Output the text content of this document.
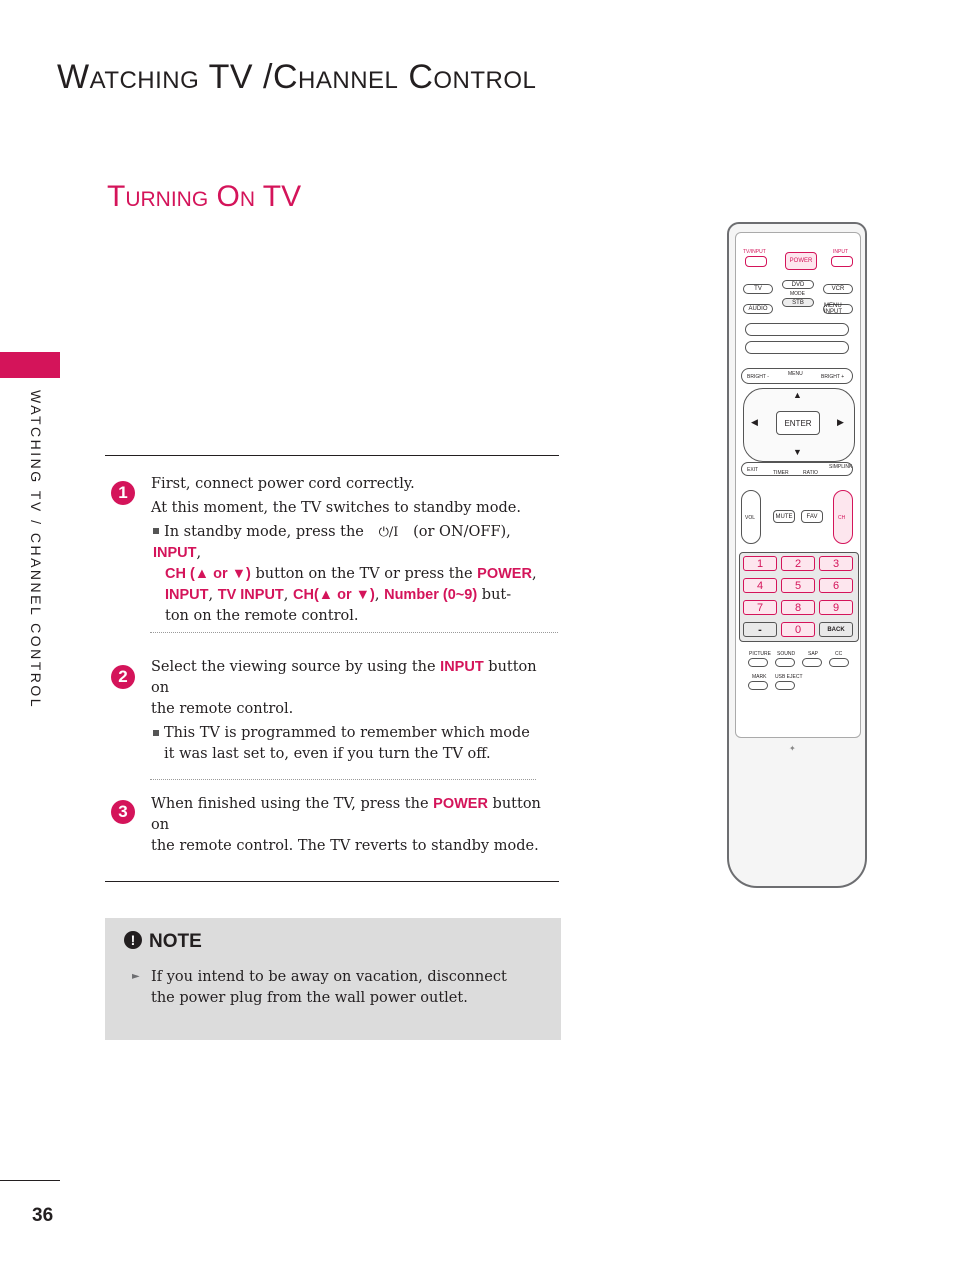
Watching TV /Channel Control
Turning On TV
WATCHING TV / CHANNEL CONTROL	1	First, connect power cord correctly.
At this moment, the TV switches to standby mode.
In standby mode, press the ⏻/I (or ON/OFF), INPUT,
CH (▲ or ▼) button on the TV or press the POWER,
INPUT, TV INPUT, CH(▲ or ▼), Number (0~9) but-
ton on the remote control.
2	Select the viewing source by using the INPUT button on
the remote control.
This TV is programmed to remember which mode it was last set to, even if you turn the TV off.
3	When finished using the TV, press the POWER button on
the remote control. The TV reverts to standby mode.
! NOTE
► If you intend to be away on vacation, disconnect
the power plug from the wall power outlet.
36
TV/INPUT	INPUT
POWER
TV
DVD
MODE
STB
VCR
AUDIO	MENU INPUT
BRIGHT -	MENU	BRIGHT +
▲
▼
◀	▶
ENTER
EXIT	TIMER	RATIO
SIMPLINK
VOL	MUTE	FAV	CH
1	2	3
4	5	6
7	8	9
-	0	BACK
PICTURE SOUND	SAP	CC
MARK USB EJECT
✦
